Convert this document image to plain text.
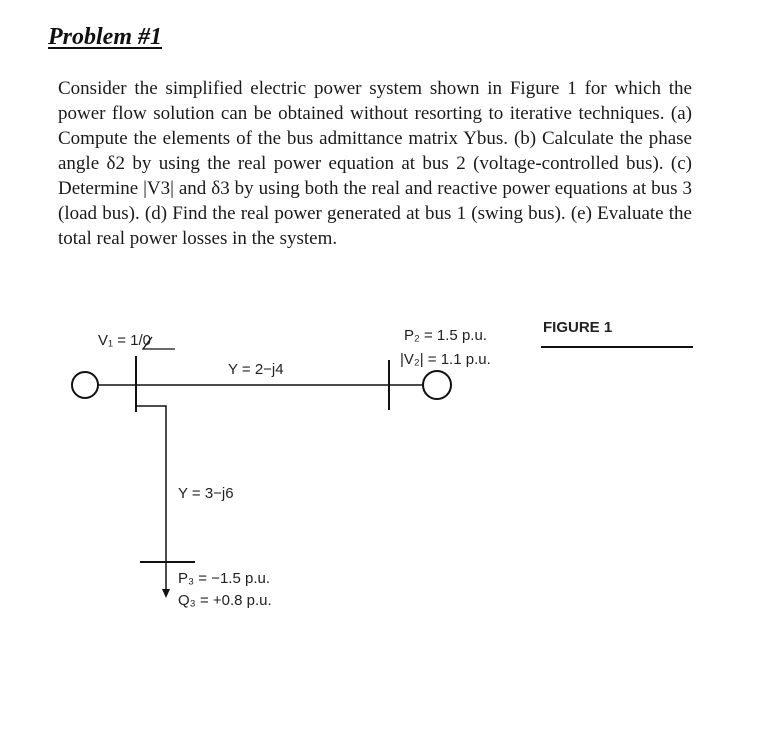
Problem #1
Consider the simplified electric power system shown in Figure 1 for which the power flow solution can be obtained without resorting to iterative techniques. (a) Compute the elements of the bus admittance matrix Ybus. (b) Calculate the phase angle δ2 by using the real power equation at bus 2 (voltage-controlled bus). (c) Determine |V3| and δ3 by using both the real and reactive power equations at bus 3 (load bus). (d) Find the real power generated at bus 1 (swing bus). (e) Evaluate the total real power losses in the system.
V₁ = 1/0
Y = 2−j4
P₂ = 1.5 p.u.
|V₂| = 1.1 p.u.
FIGURE 1
Y = 3−j6
P₃ = −1.5 p.u.
Q₃ = +0.8 p.u.
